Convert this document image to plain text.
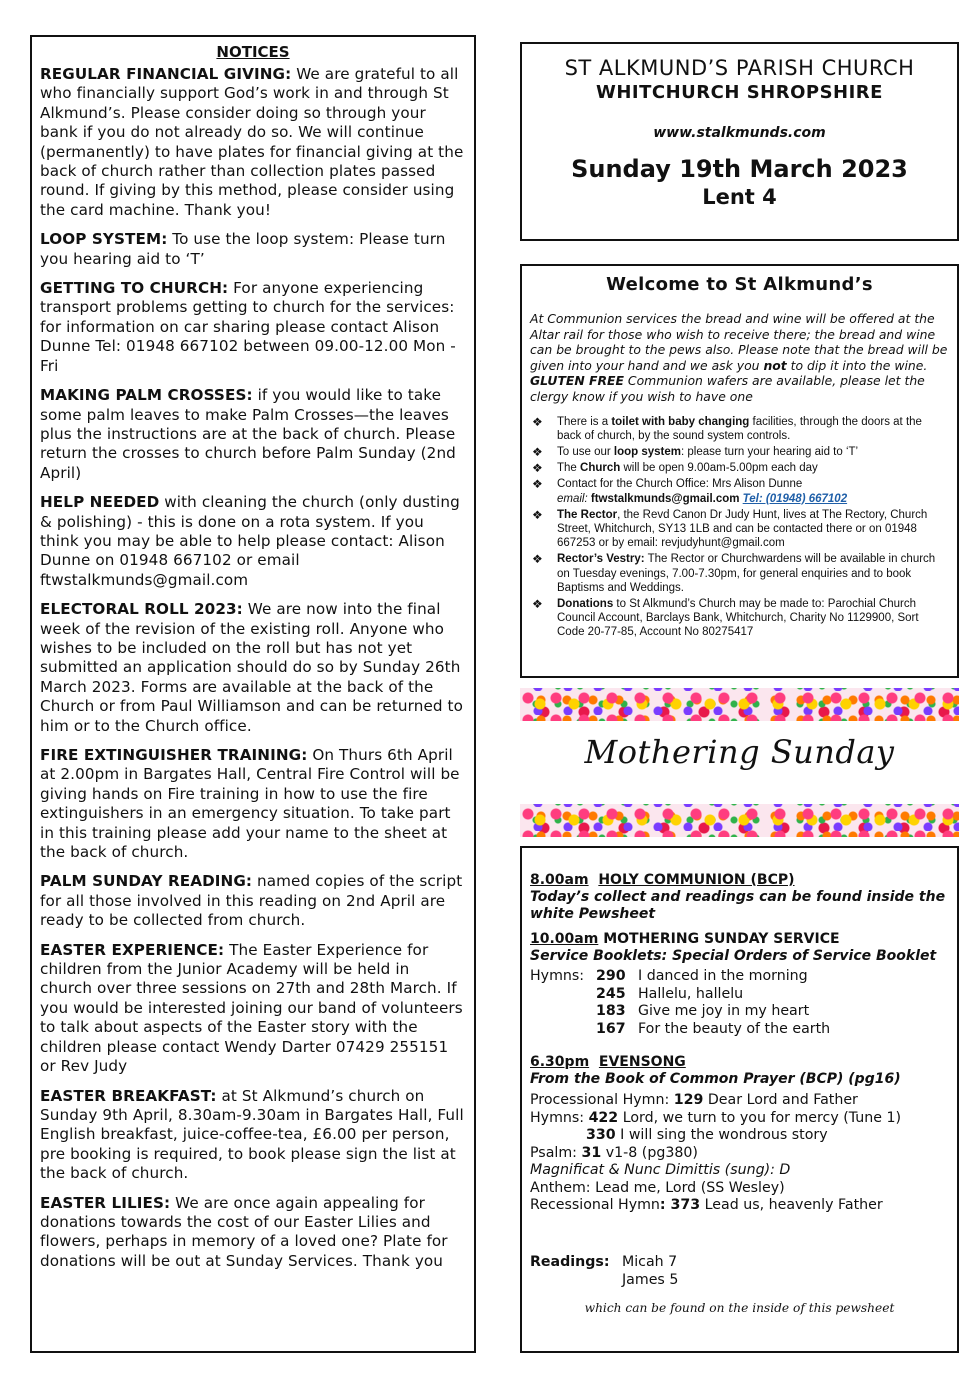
NOTICES
REGULAR FINANCIAL GIVING: We are grateful to all who financially support God’s work in and through St Alkmund’s. Please consider doing so through your bank if you do not already do so. We will continue (permanently) to have plates for financial giving at the back of church rather than collection plates passed round. If giving by this method, please consider using the card machine. Thank you!
LOOP SYSTEM: To use the loop system: Please turn you hearing aid to ‘T’
GETTING TO CHURCH: For anyone experiencing transport problems getting to church for the services: for information on car sharing please contact Alison Dunne Tel: 01948 667102 between 09.00-12.00 Mon -Fri
MAKING PALM CROSSES: if you would like to take some palm leaves to make Palm Crosses—the leaves plus the instructions are at the back of church. Please return the crosses to church before Palm Sunday (2nd April)
HELP NEEDED with cleaning the church (only dusting & polishing) - this is done on a rota system. If you think you may be able to help please contact: Alison Dunne on 01948 667102 or email ftwstalkmunds@gmail.com
ELECTORAL ROLL 2023: We are now into the final week of the revision of the existing roll. Anyone who wishes to be included on the roll but has not yet submitted an application should do so by Sunday 26th March 2023. Forms are available at the back of the Church or from Paul Williamson and can be returned to him or to the Church office.
FIRE EXTINGUISHER TRAINING: On Thurs 6th April at 2.00pm in Bargates Hall, Central Fire Control will be giving hands on Fire training in how to use the fire extinguishers in an emergency situation. To take part in this training please add your name to the sheet at the back of church.
PALM SUNDAY READING: named copies of the script for all those involved in this reading on 2nd April are ready to be collected from church.
EASTER EXPERIENCE: The Easter Experience for children from the Junior Academy will be held in church over three sessions on 27th and 28th March. If you would be interested joining our band of volunteers to talk about aspects of the Easter story with the children please contact Wendy Darter 07429 255151 or Rev Judy
EASTER BREAKFAST: at St Alkmund’s church on Sunday 9th April, 8.30am-9.30am in Bargates Hall, Full English breakfast, juice-coffee-tea, £6.00 per person, pre booking is required, to book please sign the list at the back of church.
EASTER LILIES: We are once again appealing for donations towards the cost of our Easter Lilies and flowers, perhaps in memory of a loved one? Plate for donations will be out at Sunday Services. Thank you
ST ALKMUND’S PARISH CHURCH
WHITCHURCH SHROPSHIRE
www.stalkmunds.com
Sunday 19th March 2023
Lent 4
Welcome to St Alkmund’s
At Communion services the bread and wine will be offered at the Altar rail for those who wish to receive there; the bread and wine can be brought to the pews also. Please note that the bread will be given into your hand and we ask you not to dip it into the wine. GLUTEN FREE Communion wafers are available, please let the clergy know if you wish to have one
❖ There is a toilet with baby changing facilities, through the doors at the back of church, by the sound system controls.
❖ To use our loop system: please turn your hearing aid to ‘T’
❖ The Church will be open 9.00am-5.00pm each day
❖ Contact for the Church Office: Mrs Alison Dunne
email: ftwstalkmunds@gmail.com Tel: (01948) 667102
❖ The Rector, the Revd Canon Dr Judy Hunt, lives at The Rectory, Church Street, Whitchurch, SY13 1LB and can be contacted there or on 01948 667253 or by email: revjudyhunt@gmail.com
❖ Rector’s Vestry: The Rector or Churchwardens will be available in church on Tuesday evenings, 7.00-7.30pm, for general enquiries and to book Baptisms and Weddings.
❖ Donations to St Alkmund’s Church may be made to: Parochial Church Council Account, Barclays Bank, Whitchurch, Charity No 1129900, Sort Code 20-77-85, Account No 80275417
Mothering Sunday
8.00am HOLY COMMUNION (BCP)
Today’s collect and readings can be found inside the white Pewsheet
10.00am MOTHERING SUNDAY SERVICE
Service Booklets: Special Orders of Service Booklet
Hymns: 290 I danced in the morning
245 Hallelu, hallelu
183 Give me joy in my heart
167 For the beauty of the earth
6.30pm EVENSONG
From the Book of Common Prayer (BCP) (pg16)
Processional Hymn: 129 Dear Lord and Father
Hymns: 422 Lord, we turn to you for mercy (Tune 1)
330 I will sing the wondrous story
Psalm: 31 v1-8 (pg380)
Magnificat & Nunc Dimittis (sung): D
Anthem: Lead me, Lord (SS Wesley)
Recessional Hymn: 373 Lead us, heavenly Father
Readings: Micah 7
James 5
which can be found on the inside of this pewsheet
